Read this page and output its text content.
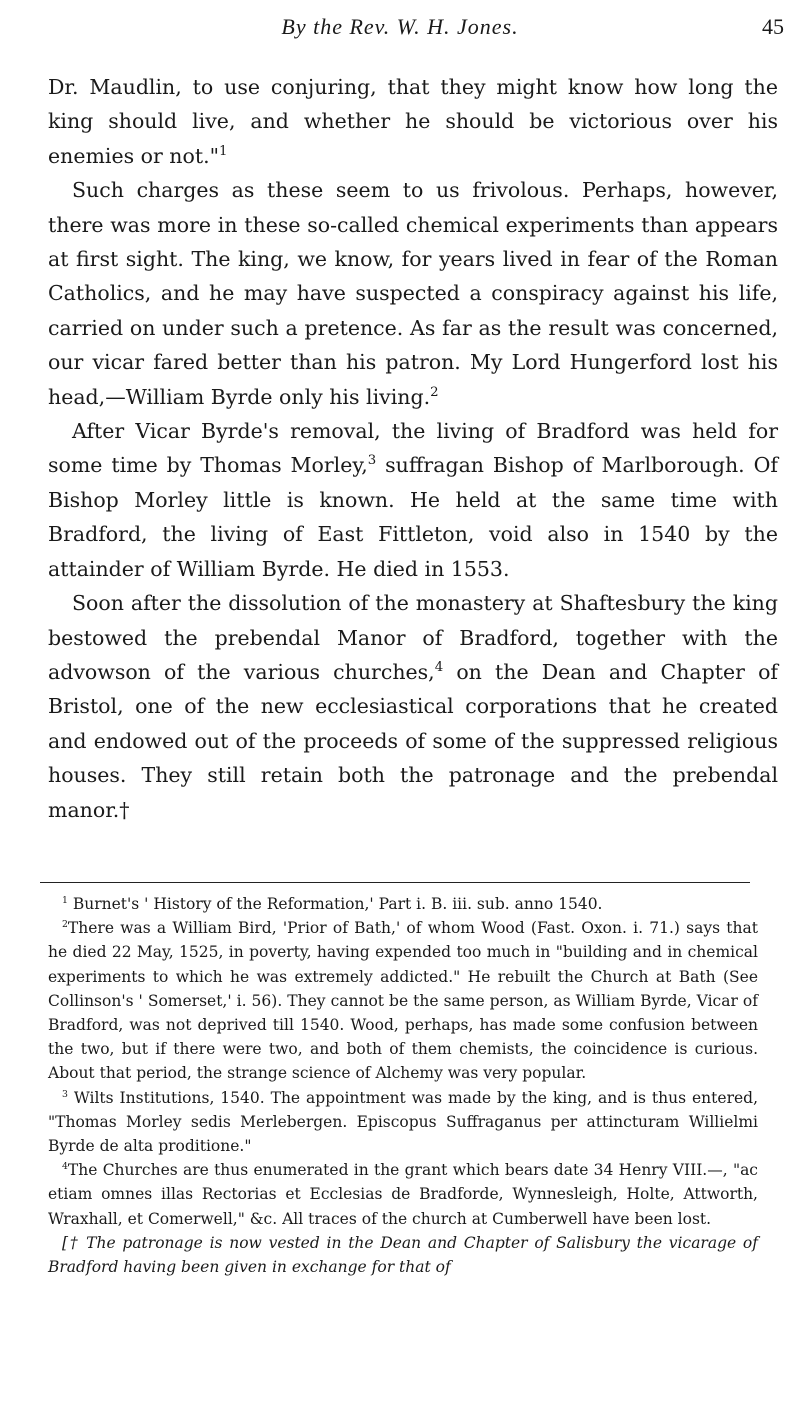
By the Rev. W. H. Jones.	45

Dr. Maudlin, to use conjuring, that they might know how long the king should live, and whether he should be victorious over his enemies or not."$^1$

Such charges as these seem to us frivolous. Perhaps, however, there was more in these so-called chemical experiments than appears at first sight. The king, we know, for years lived in fear of the Roman Catholics, and he may have suspected a conspiracy against his life, carried on under such a pretence. As far as the result was concerned, our vicar fared better than his patron. My Lord Hungerford lost his head,—William Byrde only his living.$^2$

After Vicar Byrde's removal, the living of Bradford was held for some time by Thomas Morley,$^3$ suffragan Bishop of Marlborough. Of Bishop Morley little is known. He held at the same time with Bradford, the living of East Fittleton, void also in 1540 by the attainder of William Byrde. He died in 1553.

Soon after the dissolution of the monastery at Shaftesbury the king bestowed the prebendal Manor of Bradford, together with the advowson of the various churches,$^4$ on the Dean and Chapter of Bristol, one of the new ecclesiastical corporations that he created and endowed out of the proceeds of some of the suppressed religious houses. They still retain both the patronage and the prebendal manor.†

$^1$ Burnet's ' History of the Reformation,' Part i. B. iii. sub. anno 1540.

$^2$There was a William Bird, 'Prior of Bath,' of whom Wood (Fast. Oxon. i. 71.) says that he died 22 May, 1525, in poverty, having expended too much in "building and in chemical experiments to which he was extremely addicted." He rebuilt the Church at Bath (See Collinson's ' Somerset,' i. 56). They cannot be the same person, as William Byrde, Vicar of Bradford, was not deprived till 1540. Wood, perhaps, has made some confusion between the two, but if there were two, and both of them chemists, the coincidence is curious. About that period, the strange science of Alchemy was very popular.

$^3$ Wilts Institutions, 1540. The appointment was made by the king, and is thus entered, "Thomas Morley sedis Merlebergen. Episcopus Suffraganus per attincturam Willielmi Byrde de alta proditione."

$^4$The Churches are thus enumerated in the grant which bears date 34 Henry VIII.—, "ac etiam omnes illas Rectorias et Ecclesias de Bradforde, Wynnesleigh, Holte, Attworth, Wraxhall, et Comerwell," &c. All traces of the church at Cumberwell have been lost.

[† The patronage is now vested in the Dean and Chapter of Salisbury the vicarage of Bradford having been given in exchange for that of
